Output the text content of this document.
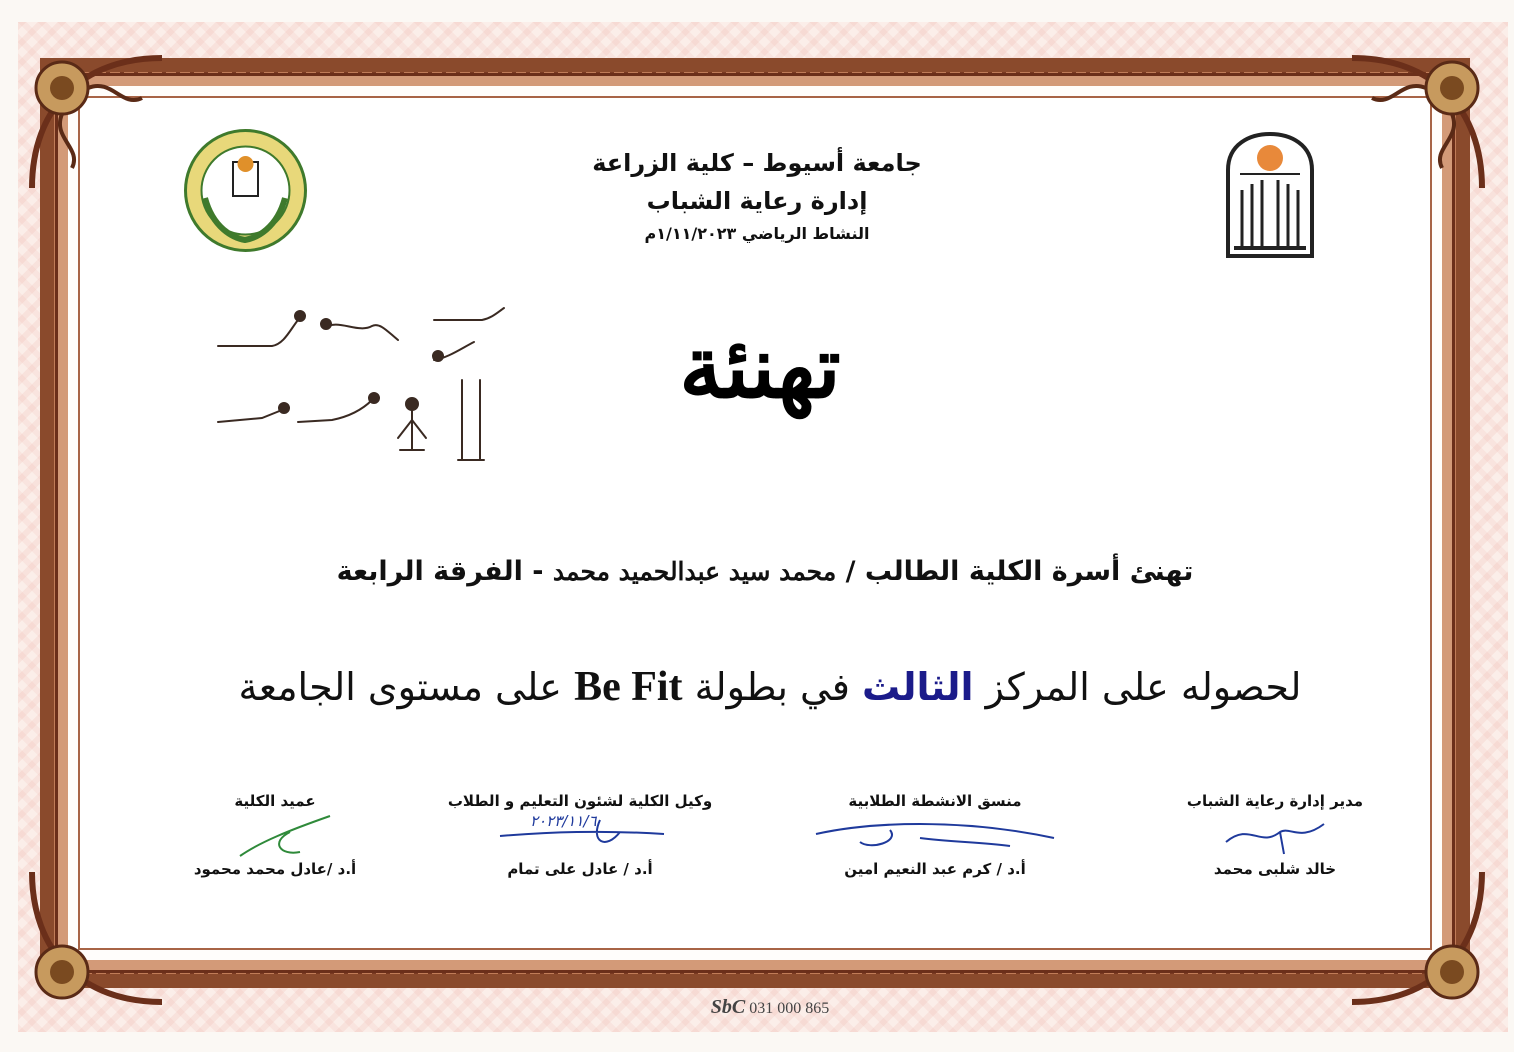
جامعة أسيوط – كلية الزراعة
إدارة رعاية الشباب
النشاط الرياضي ١/١١/٢٠٢٣م
تهنئة
تهنئ أسرة الكلية الطالب / محمد سيد عبدالحميد محمد - الفرقة الرابعة
لحصوله على المركز الثالث في بطولة Be Fit على مستوى الجامعة
مدير إدارة رعاية الشباب
خالد شلبى محمد
منسق الانشطة الطلابية
أ.د / كرم عبد النعيم امين
وكيل الكلية لشئون التعليم و الطلاب
٢٠٢٣/١١/٦
أ.د / عادل على تمام
عميد الكلية
أ.د /عادل محمد محمود
SbC 031 000 865
